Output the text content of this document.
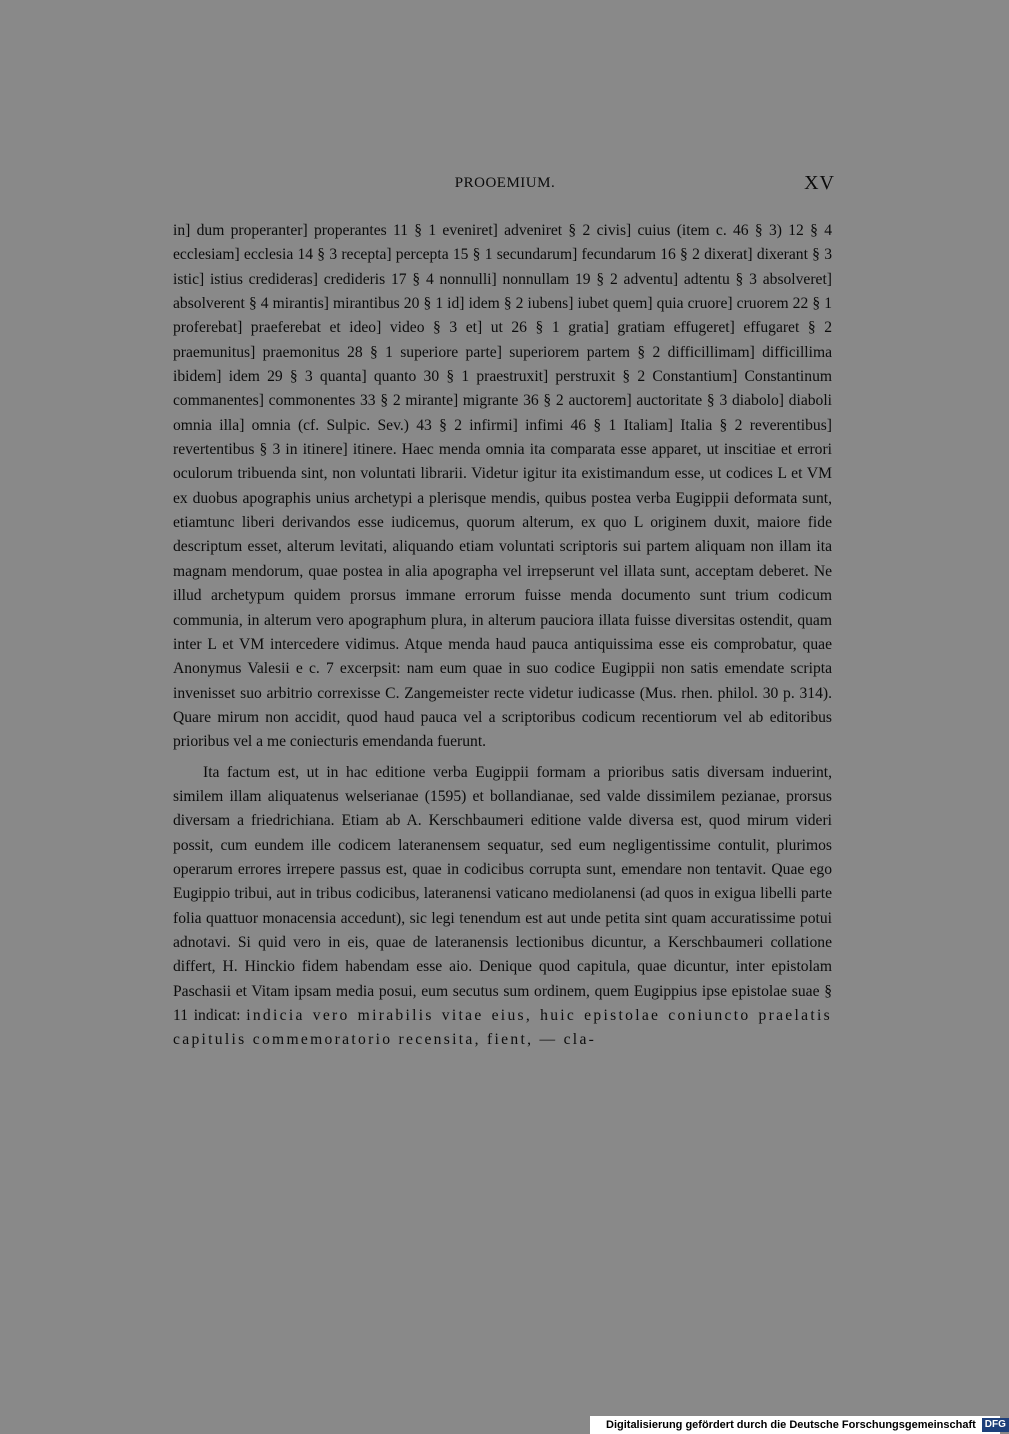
PROOEMIUM.	XV

in] dum properanter] properantes 11 § 1 eveniret] adveniret § 2 civis] cuius (item c. 46 § 3) 12 § 4 ecclesiam] ecclesia 14 § 3 recepta] percepta 15 § 1 secundarum] fecundarum 16 § 2 dixerat] dixerant § 3 istic] istius credideras] credideris 17 § 4 nonnulli] nonnullam 19 § 2 adventu] adtentu § 3 absolveret] absolverent § 4 mirantis] mirantibus 20 § 1 id] idem § 2 iubens] iubet quem] quia cruore] cruorem 22 § 1 proferebat] praeferebat et ideo] video § 3 et] ut 26 § 1 gratia] gratiam effugeret] effugaret § 2 praemunitus] praemonitus 28 § 1 superiore parte] superiorem partem § 2 difficillimam] difficillima ibidem] idem 29 § 3 quanta] quanto 30 § 1 praestruxit] perstruxit § 2 Constantium] Constantinum commanentes] commonentes 33 § 2 mirante] migrante 36 § 2 auctorem] auctoritate § 3 diabolo] diaboli omnia illa] omnia (cf. Sulpic. Sev.) 43 § 2 infirmi] infimi 46 § 1 Italiam] Italia § 2 reverentibus] revertentibus § 3 in itinere] itinere. Haec menda omnia ita comparata esse apparet, ut inscitiae et errori oculorum tribuenda sint, non voluntati librarii. Videtur igitur ita existimandum esse, ut codices L et VM ex duobus apographis unius archetypi a plerisque mendis, quibus postea verba Eugippii deformata sunt, etiamtunc liberi derivandos esse iudicemus, quorum alterum, ex quo L originem duxit, maiore fide descriptum esset, alterum levitati, aliquando etiam voluntati scriptoris sui partem aliquam non illam ita magnam mendorum, quae postea in alia apographa vel irrepserunt vel illata sunt, acceptam deberet. Ne illud archetypum quidem prorsus immane errorum fuisse menda documento sunt trium codicum communia, in alterum vero apographum plura, in alterum pauciora illata fuisse diversitas ostendit, quam inter L et VM intercedere vidimus. Atque menda haud pauca antiquissima esse eis comprobatur, quae Anonymus Valesii e c. 7 excerpsit: nam eum quae in suo codice Eugippii non satis emendate scripta invenisset suo arbitrio correxisse C. Zangemeister recte videtur iudicasse (Mus. rhen. philol. 30 p. 314). Quare mirum non accidit, quod haud pauca vel a scriptoribus codicum recentiorum vel ab editoribus prioribus vel a me coniecturis emendanda fuerunt.

Ita factum est, ut in hac editione verba Eugippii formam a prioribus satis diversam induerint, similem illam aliquatenus welserianae (1595) et bollandianae, sed valde dissimilem pezianae, prorsus diversam a friedrichiana. Etiam ab A. Kerschbaumeri editione valde diversa est, quod mirum videri possit, cum eundem ille codicem lateranensem sequatur, sed eum negligentissime contulit, plurimos operarum errores irrepere passus est, quae in codicibus corrupta sunt, emendare non tentavit. Quae ego Eugippio tribui, aut in tribus codicibus, lateranensi vaticano mediolanensi (ad quos in exigua libelli parte folia quattuor monacensia accedunt), sic legi tenendum est aut unde petita sint quam accuratissime potui adnotavi. Si quid vero in eis, quae de lateranensis lectionibus dicuntur, a Kerschbaumeri collatione differt, H. Hinckio fidem habendam esse aio. Denique quod capitula, quae dicuntur, inter epistolam Paschasii et Vitam ipsam media posui, eum secutus sum ordinem, quem Eugippius ipse epistolae suae § 11 indicat: indicia vero mirabilis vitae eius, huic epistolae coniuncto praelatis capitulis commemoratorio recensita, fient, — cla-

Digitalisierung gefördert durch die Deutsche Forschungsgemeinschaft DFG
